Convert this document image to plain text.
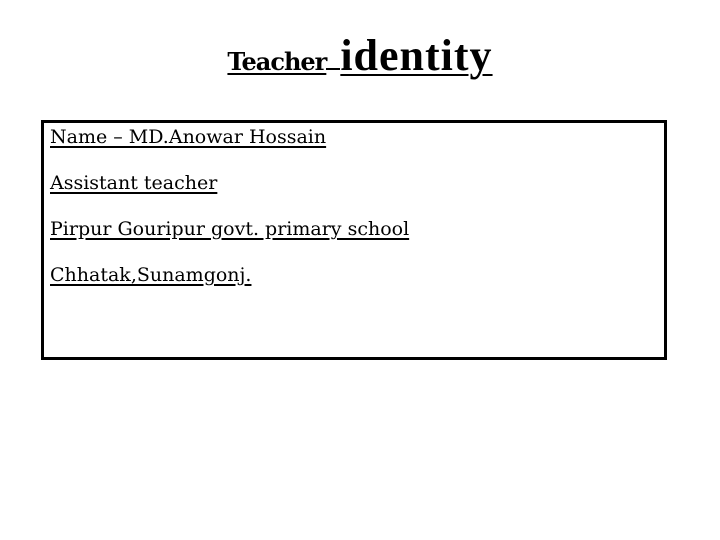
Teacher identity
Name – MD.Anowar Hossain
Assistant teacher
Pirpur Gouripur govt. primary school
Chhatak,Sunamgonj.
